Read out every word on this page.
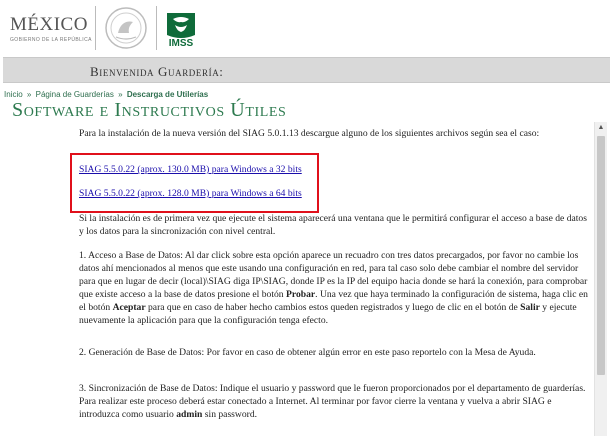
MÉXICO
GOBIERNO DE LA REPÚBLICA	IMSS
Bienvenida Guardería:
Inicio » Página de Guarderías » Descarga de Utilerías
Software e Instructivos Útiles

Para la instalación de la nueva versión del SIAG 5.0.1.13 descargue alguno de los siguientes archivos según sea el caso:

SIAG 5.5.0.22 (aprox. 130.0 MB) para Windows a 32 bits
SIAG 5.5.0.22 (aprox. 128.0 MB) para Windows a 64 bits

Si la instalación es de primera vez que ejecute el sistema aparecerá una ventana que le permitirá configurar el acceso a base de datos y los datos para la sincronización con nivel central.

1. Acceso a Base de Datos: Al dar click sobre esta opción aparece un recuadro con tres datos precargados, por favor no cambie los datos ahí mencionados al menos que este usando una configuración en red, para tal caso solo debe cambiar el nombre del servidor para que en lugar de decir (local)\SIAG diga IP\SIAG, donde IP es la IP del equipo hacia donde se hará la conexión, para comprobar que existe acceso a la base de datos presione el botón Probar. Una vez que haya terminado la configuración de sistema, haga clic en el botón Aceptar para que en caso de haber hecho cambios estos queden registrados y luego de clic en el botón de Salir y ejecute nuevamente la aplicación para que la configuración tenga efecto.

2. Generación de Base de Datos: Por favor en caso de obtener algún error en este paso reportelo con la Mesa de Ayuda.

3. Sincronización de Base de Datos: Indique el usuario y password que le fueron proporcionados por el departamento de guarderías. Para realizar este proceso deberá estar conectado a Internet. Al terminar por favor cierre la ventana y vuelva a abrir SIAG e introduzca como usuario admin sin password.

▲
